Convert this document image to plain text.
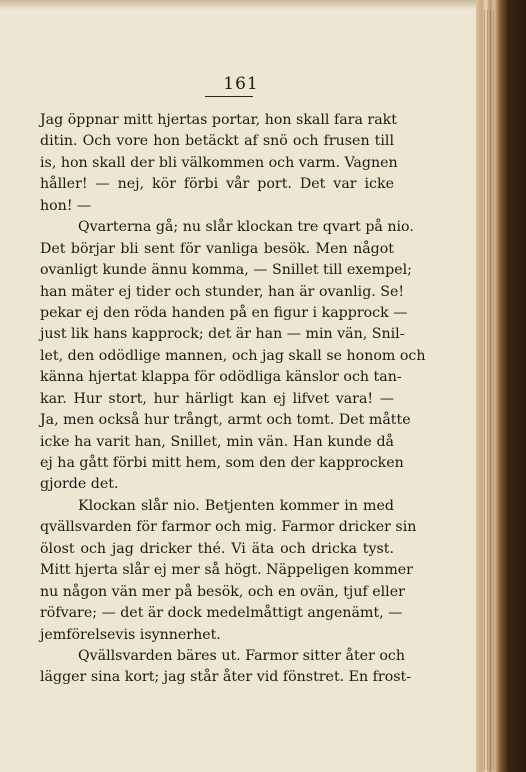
161
Jag öppnar mitt hjertas portar, hon skall fara rakt
ditin. Och vore hon betäckt af snö och frusen till
is, hon skall der bli välkommen och varm. Vagnen
håller! — nej, kör förbi vår port. Det var icke
hon! —
Qvarterna gå; nu slår klockan tre qvart på nio.
Det börjar bli sent för vanliga besök. Men något
ovanligt kunde ännu komma, — Snillet till exempel;
han mäter ej tider och stunder, han är ovanlig. Se!
pekar ej den röda handen på en figur i kapprock —
just lik hans kapprock; det är han — min vän, Snil-
let, den odödlige mannen, och jag skall se honom och
känna hjertat klappa för odödliga känslor och tan-
kar. Hur stort, hur härligt kan ej lifvet vara! —
Ja, men också hur trångt, armt och tomt. Det måtte
icke ha varit han, Snillet, min vän. Han kunde då
ej ha gått förbi mitt hem, som den der kapprocken
gjorde det.
Klockan slår nio. Betjenten kommer in med
qvällsvarden för farmor och mig. Farmor dricker sin
ölost och jag dricker thé. Vi äta och dricka tyst.
Mitt hjerta slår ej mer så högt. Näppeligen kommer
nu någon vän mer på besök, och en ovän, tjuf eller
röfvare; — det är dock medelmåttigt angenämt, —
jemförelsevis isynnerhet.
Qvällsvarden bäres ut. Farmor sitter åter och
lägger sina kort; jag står åter vid fönstret. En frost-
